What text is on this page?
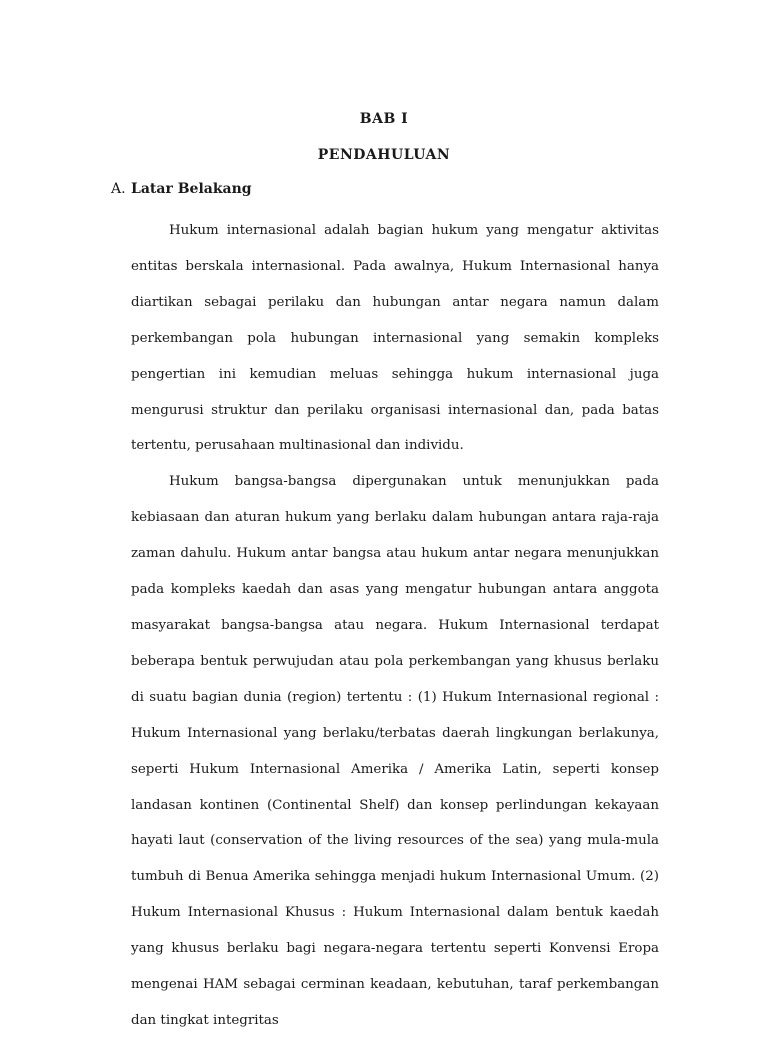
BAB I
PENDAHULUAN
A. Latar Belakang

Hukum internasional adalah bagian hukum yang mengatur aktivitas entitas berskala internasional. Pada awalnya, Hukum Internasional hanya diartikan sebagai perilaku dan hubungan antar negara namun dalam perkembangan pola hubungan internasional yang semakin kompleks pengertian ini kemudian meluas sehingga hukum internasional juga mengurusi struktur dan perilaku organisasi internasional dan, pada batas tertentu, perusahaan multinasional dan individu.

Hukum bangsa-bangsa dipergunakan untuk menunjukkan pada kebiasaan dan aturan hukum yang berlaku dalam hubungan antara raja-raja zaman dahulu. Hukum antar bangsa atau hukum antar negara menunjukkan pada kompleks kaedah dan asas yang mengatur hubungan antara anggota masyarakat bangsa-bangsa atau negara. Hukum Internasional terdapat beberapa bentuk perwujudan atau pola perkembangan yang khusus berlaku di suatu bagian dunia (region) tertentu : (1) Hukum Internasional regional : Hukum Internasional yang berlaku/terbatas daerah lingkungan berlakunya, seperti Hukum Internasional Amerika / Amerika Latin, seperti konsep landasan kontinen (Continental Shelf) dan konsep perlindungan kekayaan hayati laut (conservation of the living resources of the sea) yang mula-mula tumbuh di Benua Amerika sehingga menjadi hukum Internasional Umum. (2) Hukum Internasional Khusus : Hukum Internasional dalam bentuk kaedah yang khusus berlaku bagi negara-negara tertentu seperti Konvensi Eropa mengenai HAM sebagai cerminan keadaan, kebutuhan, taraf perkembangan dan tingkat integritas
